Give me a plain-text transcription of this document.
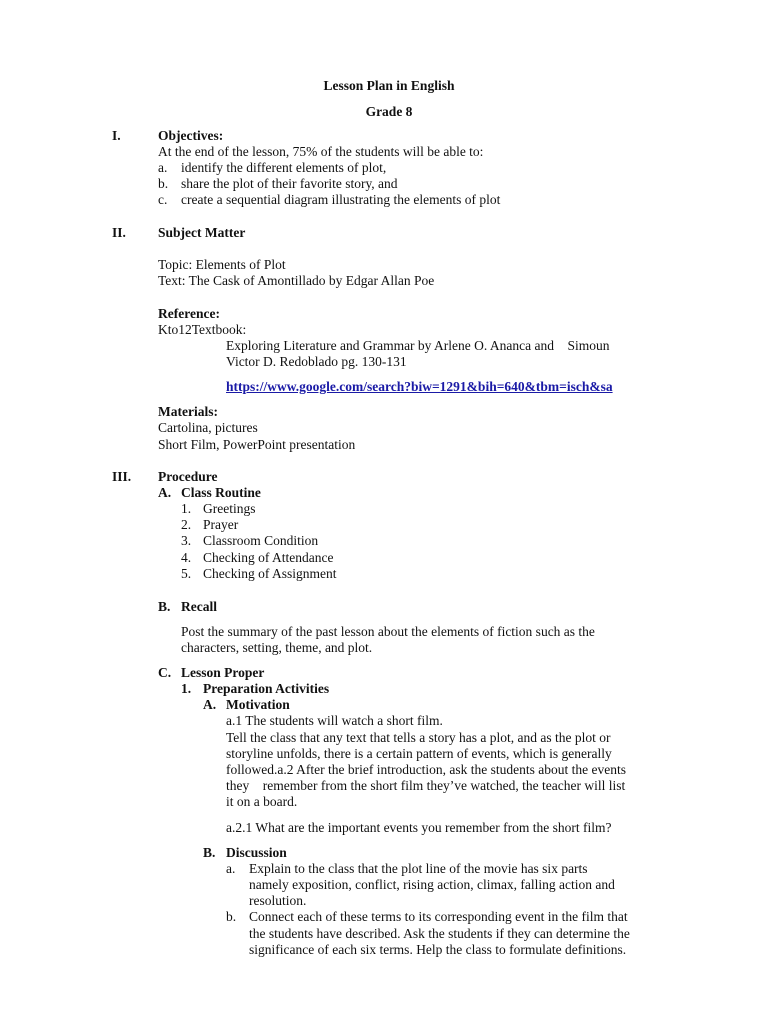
Lesson Plan in English
Grade 8
I.	Objectives:
At the end of the lesson, 75% of the students will be able to:
a. identify the different elements of plot,
b. share the plot of their favorite story, and
c. create a sequential diagram illustrating the elements of plot
II. Subject Matter
Topic: Elements of Plot
Text: The Cask of Amontillado by Edgar Allan Poe
Reference:
Kto12Textbook:
Exploring Literature and Grammar by Arlene O. Ananca and    Simoun
Victor D. Redoblado pg. 130-131
https://www.google.com/search?biw=1291&bih=640&tbm=isch&sa
Materials:
Cartolina, pictures
Short Film, PowerPoint presentation
III. Procedure
A. Class Routine
1. Greetings
2. Prayer
3. Classroom Condition
4. Checking of Attendance
5. Checking of Assignment
B. Recall
Post the summary of the past lesson about the elements of fiction such as the
characters, setting, theme, and plot.
C. Lesson Proper
1. Preparation Activities
A. Motivation
a.1 The students will watch a short film.
Tell the class that any text that tells a story has a plot, and as the plot or
storyline unfolds, there is a certain pattern of events, which is generally
followed.a.2 After the brief introduction, ask the students about the events
they    remember from the short film they’ve watched, the teacher will list
it on a board.
a.2.1 What are the important events you remember from the short film?
B. Discussion
a. Explain to the class that the plot line of the movie has six parts
namely exposition, conflict, rising action, climax, falling action and
resolution.
b. Connect each of these terms to its corresponding event in the film that
the students have described. Ask the students if they can determine the
significance of each six terms. Help the class to formulate definitions.
